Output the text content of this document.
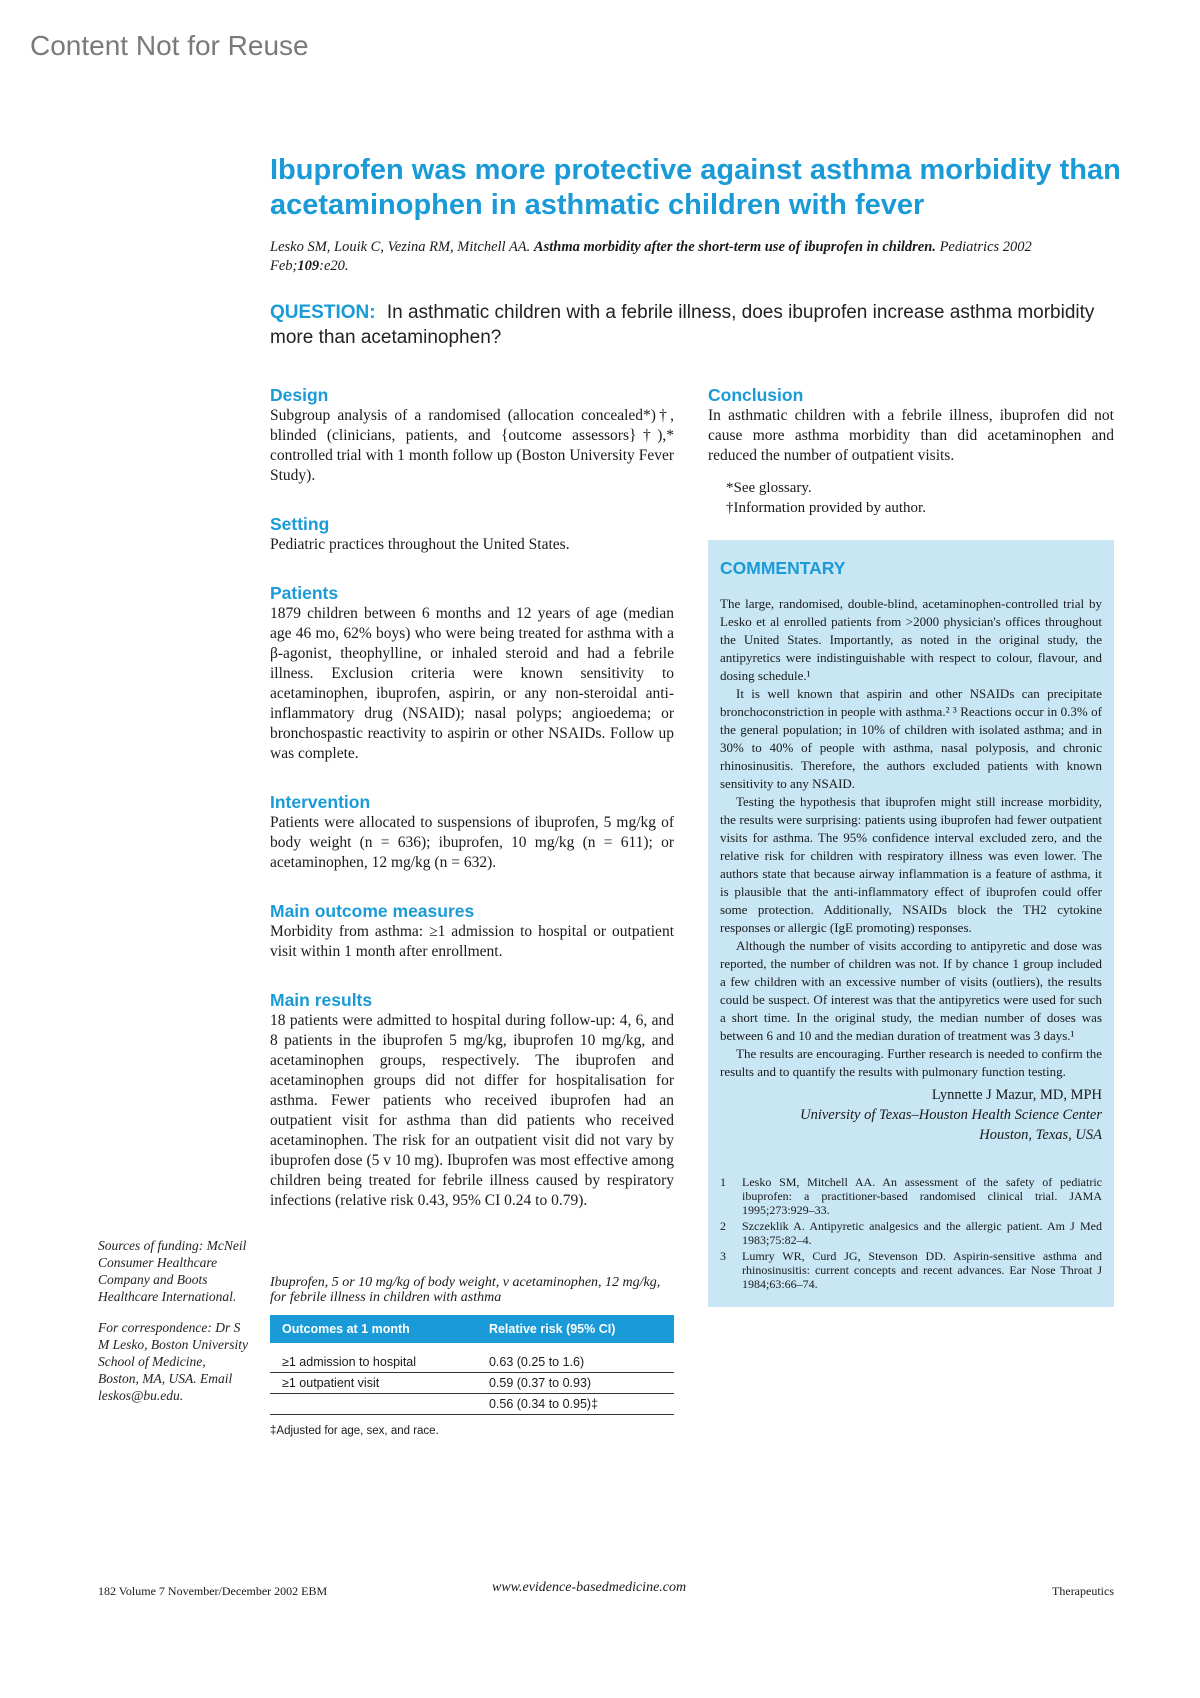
Content Not for Reuse
Ibuprofen was more protective against asthma morbidity than acetaminophen in asthmatic children with fever
Lesko SM, Louik C, Vezina RM, Mitchell AA. Asthma morbidity after the short-term use of ibuprofen in children. Pediatrics 2002 Feb;109:e20.
QUESTION: In asthmatic children with a febrile illness, does ibuprofen increase asthma morbidity more than acetaminophen?
Design

Subgroup analysis of a randomised (allocation concealed*)†, blinded (clinicians, patients, and {outcome assessors}†),* controlled trial with 1 month follow up (Boston University Fever Study).

Setting

Pediatric practices throughout the United States.

Patients

1879 children between 6 months and 12 years of age (median age 46 mo, 62% boys) who were being treated for asthma with a β-agonist, theophylline, or inhaled steroid and had a febrile illness. Exclusion criteria were known sensitivity to acetaminophen, ibuprofen, aspirin, or any non-steroidal anti-inflammatory drug (NSAID); nasal polyps; angioedema; or bronchospastic reactivity to aspirin or other NSAIDs. Follow up was complete.

Intervention

Patients were allocated to suspensions of ibuprofen, 5 mg/kg of body weight (n = 636); ibuprofen, 10 mg/kg (n = 611); or acetaminophen, 12 mg/kg (n = 632).

Main outcome measures

Morbidity from asthma: ≥1 admission to hospital or outpatient visit within 1 month after enrollment.

Main results

18 patients were admitted to hospital during follow-up: 4, 6, and 8 patients in the ibuprofen 5 mg/kg, ibuprofen 10 mg/kg, and acetaminophen groups, respectively. The ibuprofen and acetaminophen groups did not differ for hospitalisation for asthma. Fewer patients who received ibuprofen had an outpatient visit for asthma than did patients who received acetaminophen. The risk for an outpatient visit did not vary by ibuprofen dose (5 v 10 mg). Ibuprofen was most effective among children being treated for febrile illness caused by respiratory infections (relative risk 0.43, 95% CI 0.24 to 0.79).

Conclusion

In asthmatic children with a febrile illness, ibuprofen did not cause more asthma morbidity than did acetaminophen and reduced the number of outpatient visits.

*See glossary.
†Information provided by author.
COMMENTARY

The large, randomised, double-blind, acetaminophen-controlled trial by Lesko et al enrolled patients from >2000 physician's offices throughout the United States. Importantly, as noted in the original study, the antipyretics were indistinguishable with respect to colour, flavour, and dosing schedule.¹

It is well known that aspirin and other NSAIDs can precipitate bronchoconstriction in people with asthma.² ³ Reactions occur in 0.3% of the general population; in 10% of children with isolated asthma; and in 30% to 40% of people with asthma, nasal polyposis, and chronic rhinosinusitis. Therefore, the authors excluded patients with known sensitivity to any NSAID.

Testing the hypothesis that ibuprofen might still increase morbidity, the results were surprising: patients using ibuprofen had fewer outpatient visits for asthma. The 95% confidence interval excluded zero, and the relative risk for children with respiratory illness was even lower. The authors state that because airway inflammation is a feature of asthma, it is plausible that the anti-inflammatory effect of ibuprofen could offer some protection. Additionally, NSAIDs block the TH2 cytokine responses or allergic (IgE promoting) responses.

Although the number of visits according to antipyretic and dose was reported, the number of children was not. If by chance 1 group included a few children with an excessive number of visits (outliers), the results could be suspect. Of interest was that the antipyretics were used for such a short time. In the original study, the median number of doses was between 6 and 10 and the median duration of treatment was 3 days.¹

The results are encouraging. Further research is needed to confirm the results and to quantify the results with pulmonary function testing.

Lynnette J Mazur, MD, MPH
University of Texas–Houston Health Science Center
Houston, Texas, USA
1	Lesko SM, Mitchell AA. An assessment of the safety of pediatric ibuprofen: a practitioner-based randomised clinical trial. JAMA 1995;273:929–33.
2	Szczeklik A. Antipyretic analgesics and the allergic patient. Am J Med 1983;75:82–4.
3	Lumry WR, Curd JG, Stevenson DD. Aspirin-sensitive asthma and rhinosinusitis: current concepts and recent advances. Ear Nose Throat J 1984;63:66–74.
Sources of funding: McNeil Consumer Healthcare Company and Boots Healthcare International.
For correspondence: Dr S M Lesko, Boston University School of Medicine, Boston, MA, USA. Email leskos@bu.edu.
Ibuprofen, 5 or 10 mg/kg of body weight, v acetaminophen, 12 mg/kg, for febrile illness in children with asthma
Outcomes at 1 month	Relative risk (95% CI)
≥1 admission to hospital	0.63 (0.25 to 1.6)
≥1 outpatient visit	0.59 (0.37 to 0.93)
	0.56 (0.34 to 0.95)‡
‡Adjusted for age, sex, and race.
182 Volume 7 November/December 2002 EBM	www.evidence-basedmedicine.com	Therapeutics
